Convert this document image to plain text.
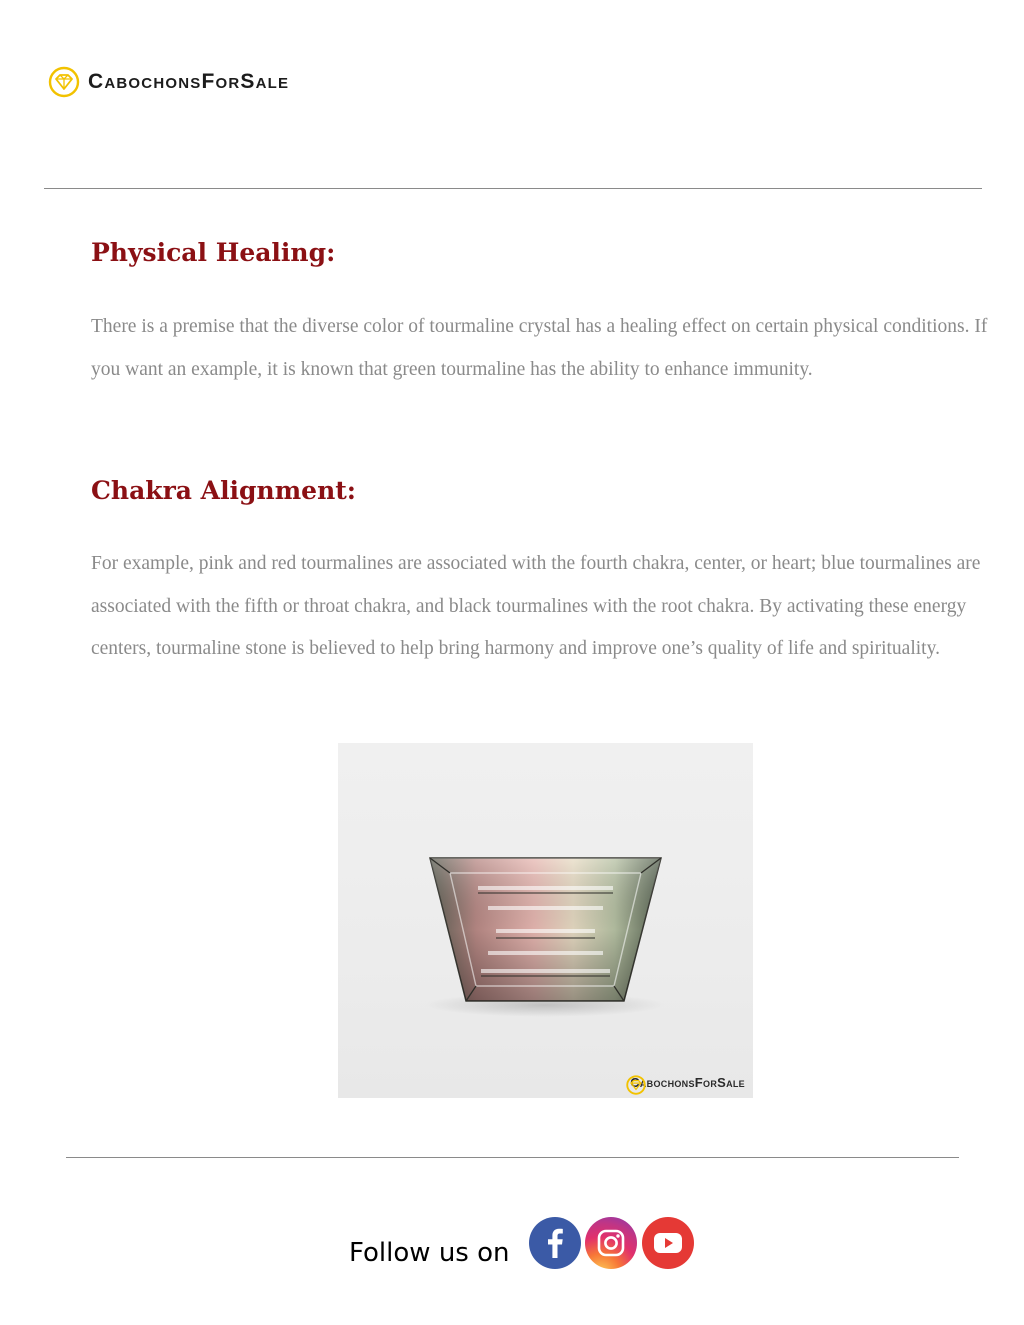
CabochonsForSale
Physical Healing:

There is a premise that the diverse color of tourmaline crystal has a healing effect on certain physical conditions. If you want an example, it is known that green tourmaline has the ability to enhance immunity.

Chakra Alignment:

For example, pink and red tourmalines are associated with the fourth chakra, center, or heart; blue tourmalines are associated with the fifth or throat chakra, and black tourmalines with the root chakra. By activating these energy centers, tourmaline stone is believed to help bring harmony and improve one’s quality of life and spirituality.

CabochonsForSale
Follow us on
